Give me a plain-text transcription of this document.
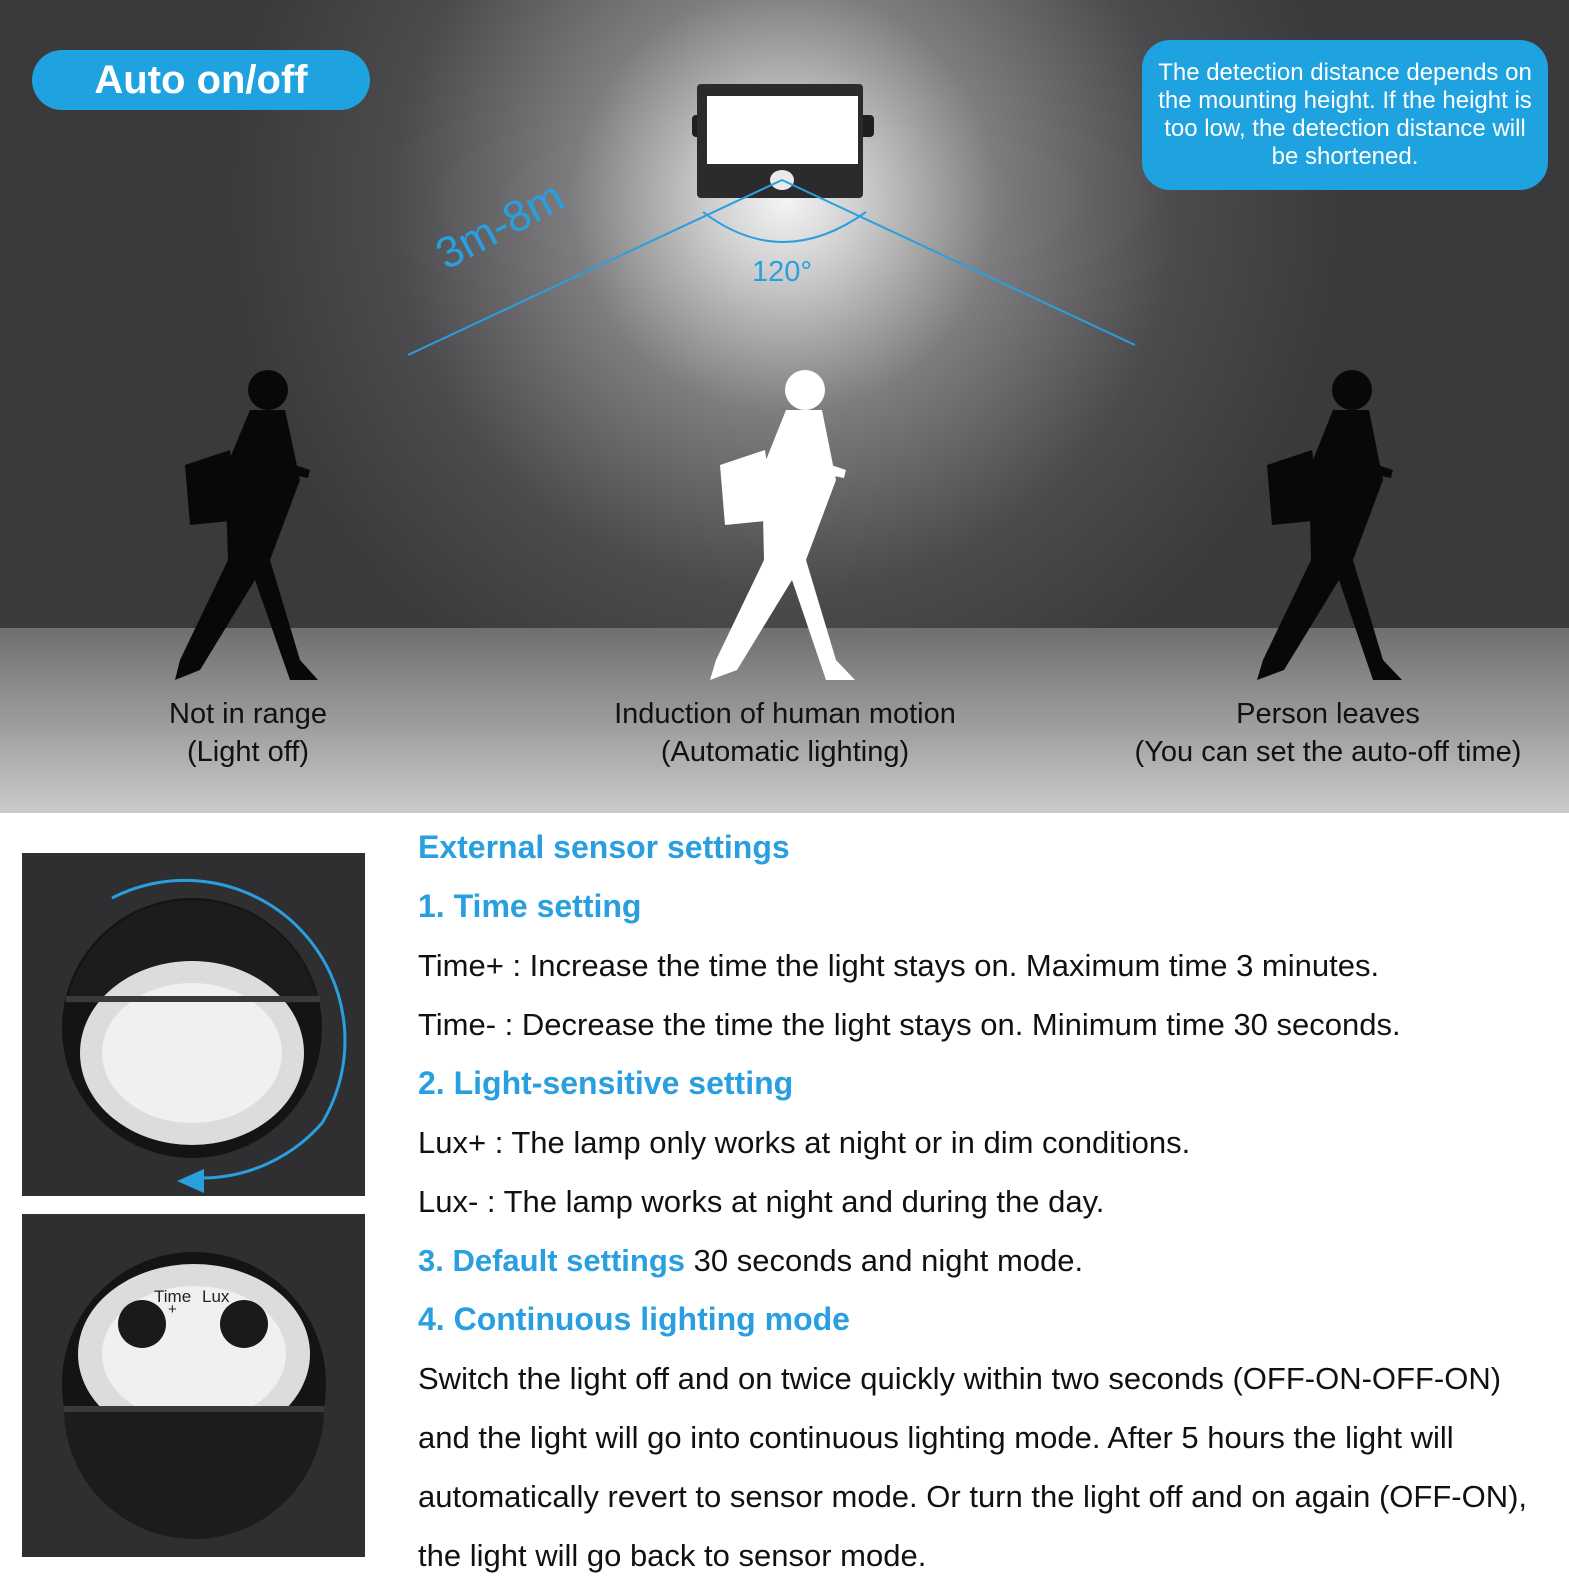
Auto on/off	The detection distance depends on the mounting height. If the height is too low, the detection distance will be shortened.
3m-8m	120°
Not in range
(Light off)
Induction of human motion
(Automatic lighting)
Person leaves
(You can set the auto-off time)
Time Lux
+	−
External sensor settings
1. Time setting
Time+ : Increase the time the light stays on. Maximum time 3 minutes.
Time- : Decrease the time the light stays on. Minimum time 30 seconds.
2. Light-sensitive setting
Lux+ : The lamp only works at night or in dim conditions.
Lux- : The lamp works at night and during the day.
3. Default settings 30 seconds and night mode.
4. Continuous lighting mode
Switch the light off and on twice quickly within two seconds (OFF-ON-OFF-ON) and the light will go into continuous lighting mode. After 5 hours the light will automatically revert to sensor mode. Or turn the light off and on again (OFF-ON), the light will go back to sensor mode.
